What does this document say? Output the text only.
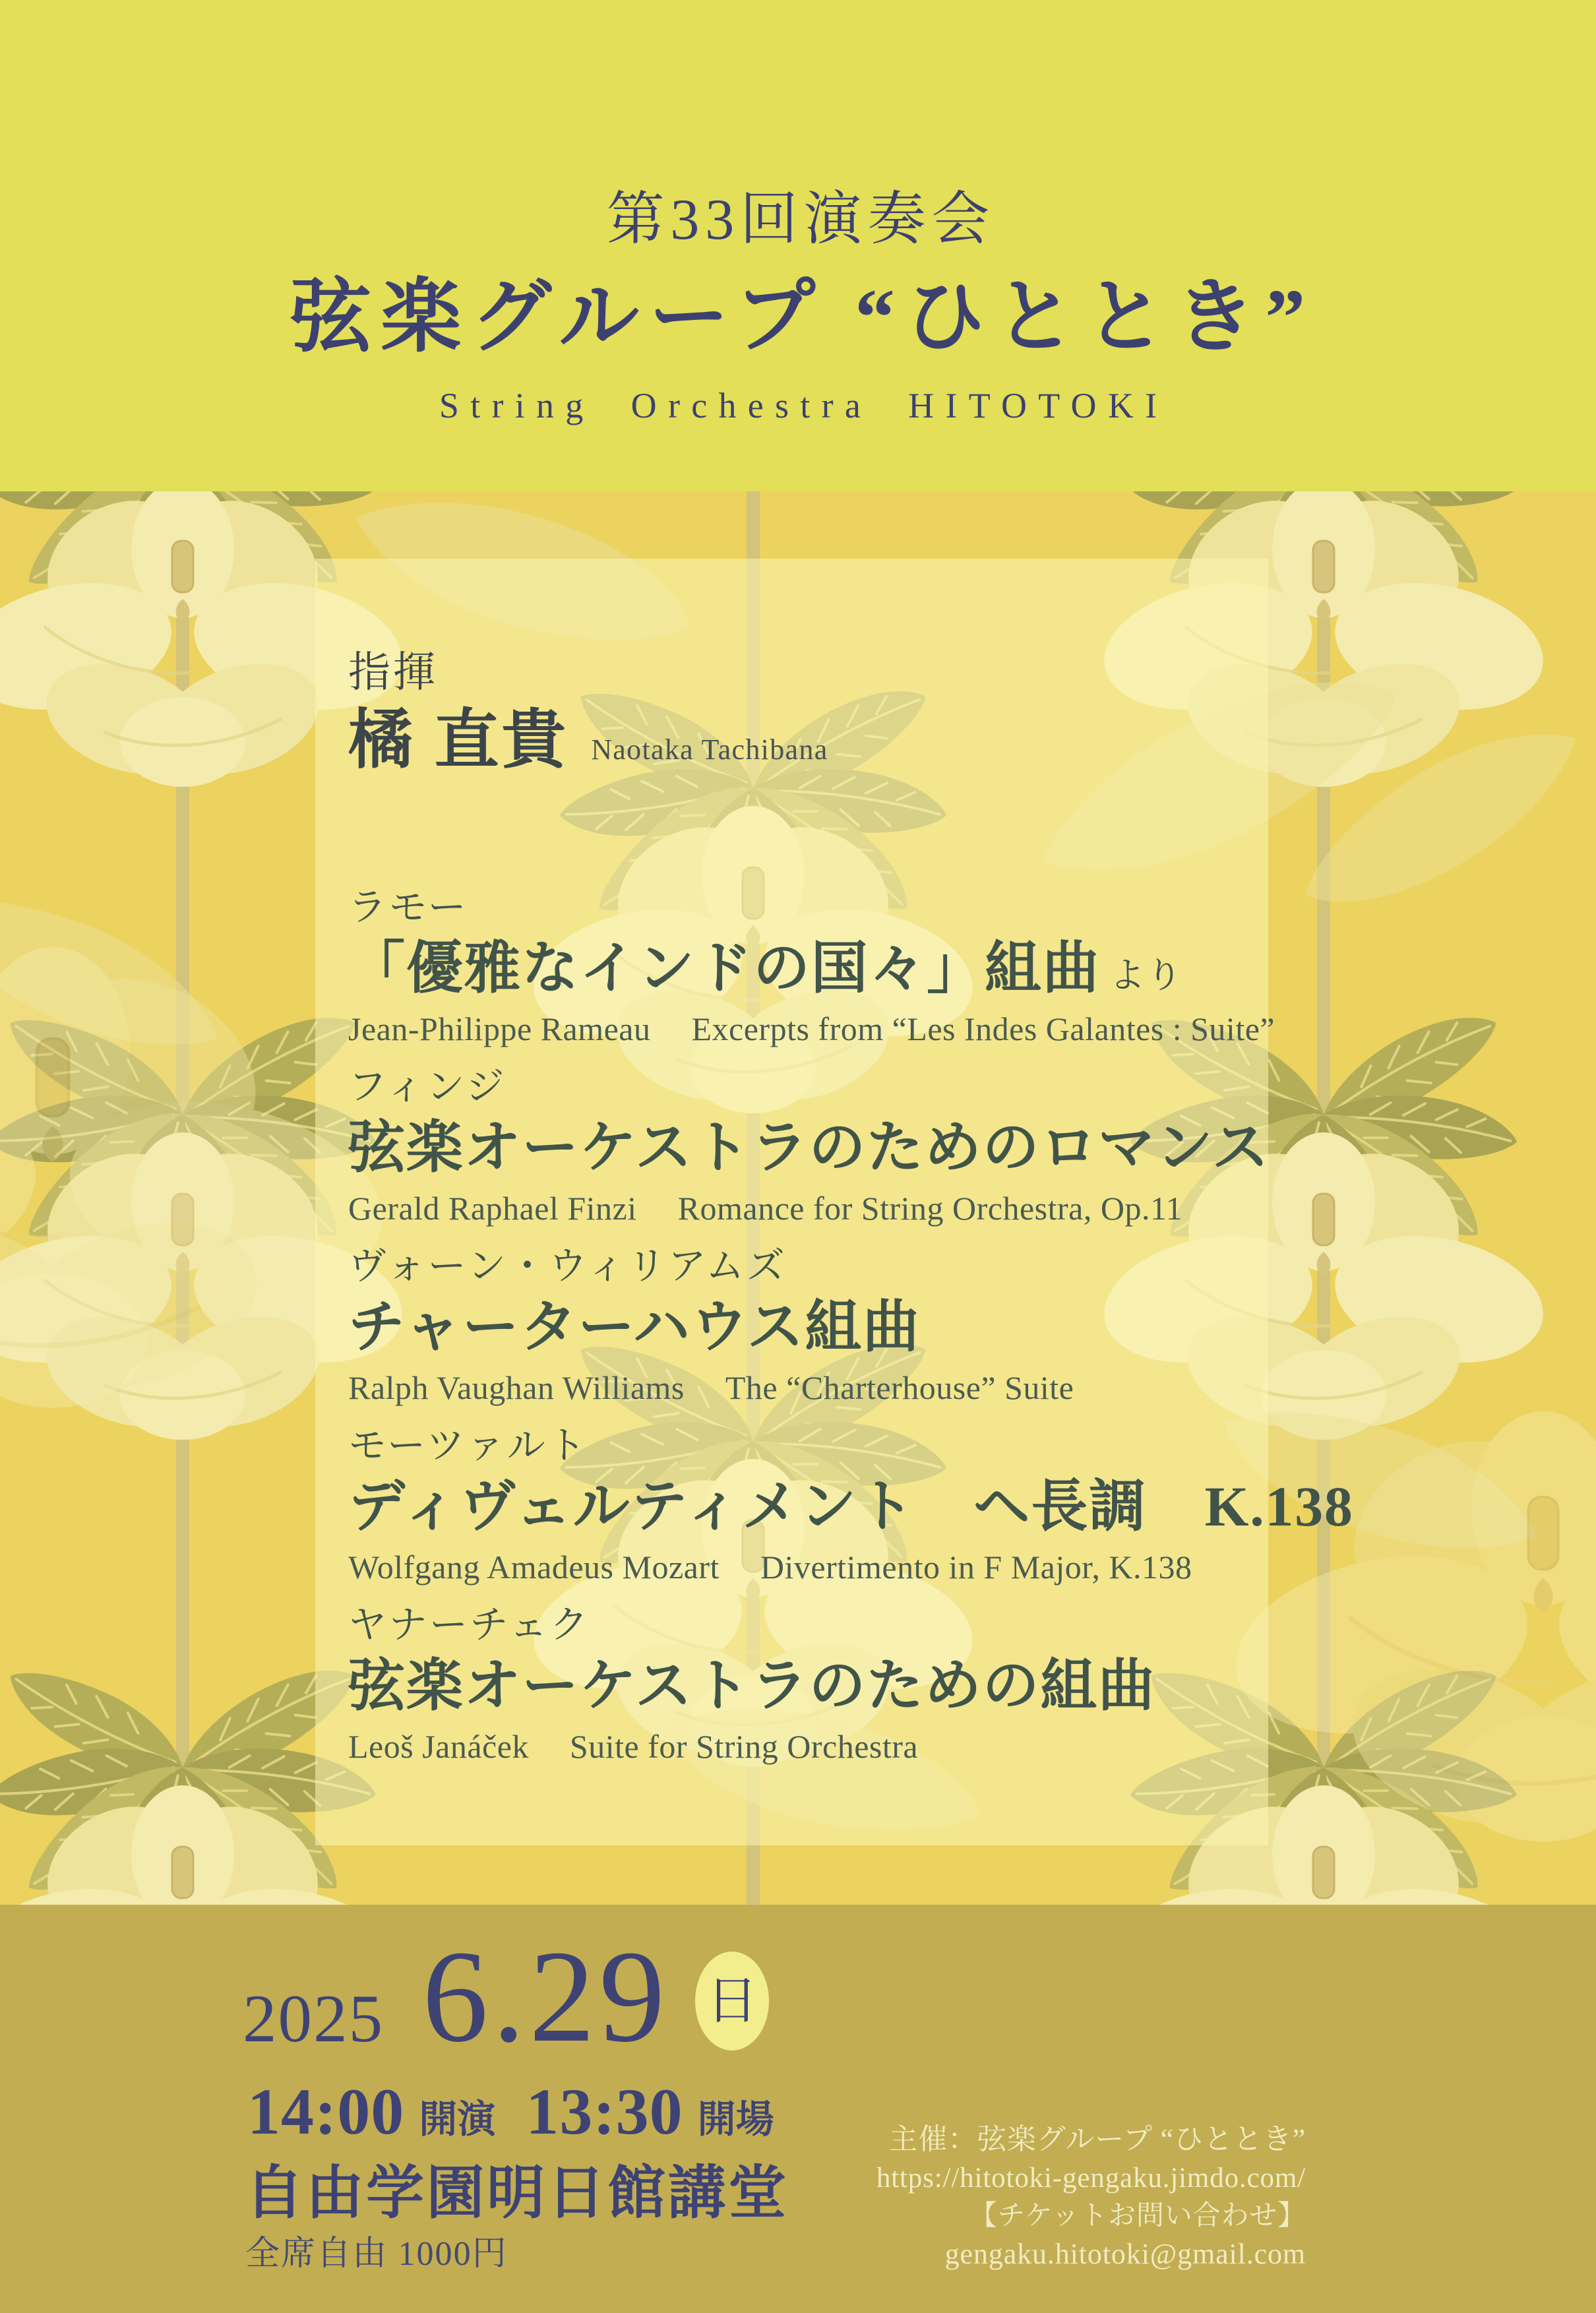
第33回演奏会
弦楽グループ “ひととき”
String Orchestra HITOTOKI
指揮
橘 直貴 Naotaka Tachibana
ラモー
「優雅なインドの国々」組曲 より
Jean-Philippe Rameau Excerpts from “Les Indes Galantes : Suite”
フィンジ
弦楽オーケストラのためのロマンス
Gerald Raphael Finzi Romance for String Orchestra, Op.11
ヴォーン・ウィリアムズ
チャーターハウス組曲
Ralph Vaughan Williams The “Charterhouse” Suite
モーツァルト
ディヴェルティメント　ヘ長調　K.138
Wolfgang Amadeus Mozart Divertimento in F Major, K.138
ヤナーチェク
弦楽オーケストラのための組曲
Leoš Janáček Suite for String Orchestra
2025 6.29 日
14:00 開演 13:30 開場
自由学園明日館講堂
全席自由 1000円
主催：弦楽グループ “ひととき”
https://hitotoki-gengaku.jimdo.com/
【チケットお問い合わせ】
gengaku.hitotoki@gmail.com
